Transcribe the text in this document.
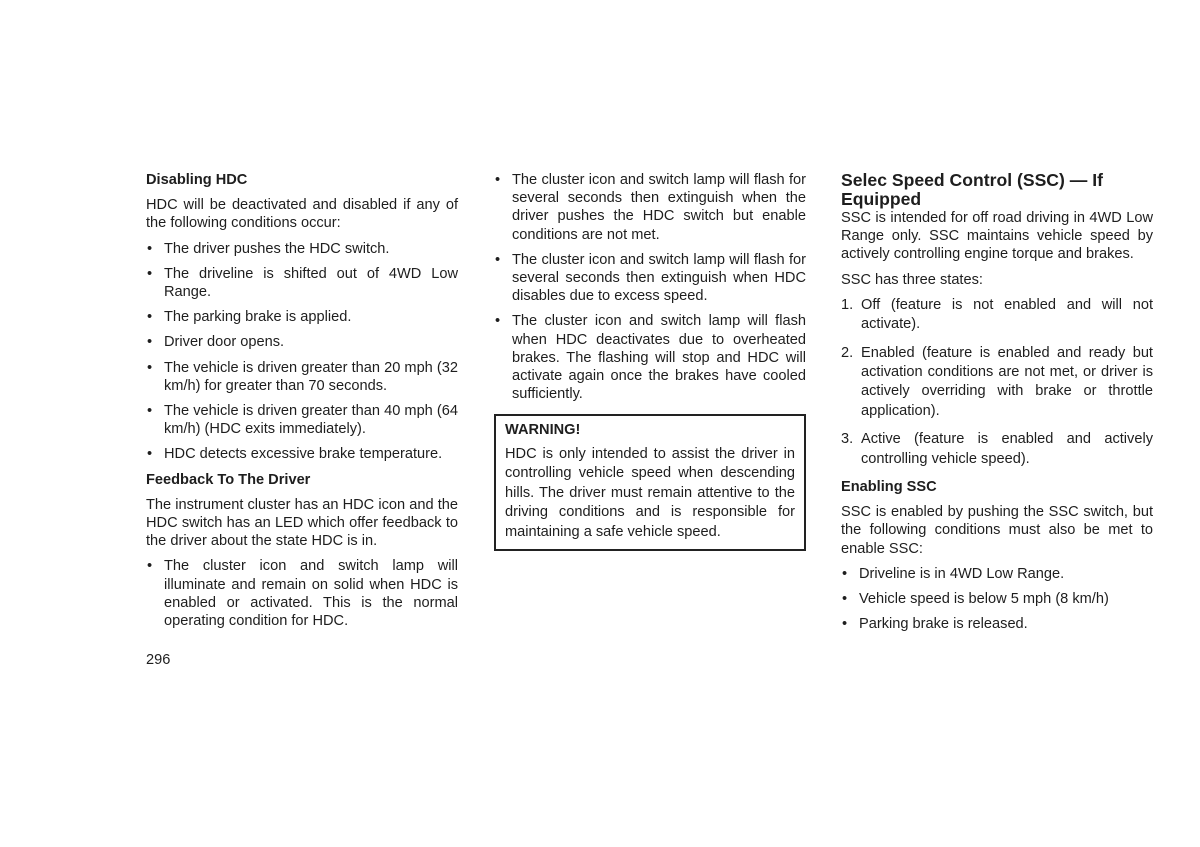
Disabling HDC

HDC will be deactivated and disabled if any of the following conditions occur:

• The driver pushes the HDC switch.
• The driveline is shifted out of 4WD Low Range.
• The parking brake is applied.
• Driver door opens.
• The vehicle is driven greater than 20 mph (32 km/h) for greater than 70 seconds.
• The vehicle is driven greater than 40 mph (64 km/h) (HDC exits immediately).
• HDC detects excessive brake temperature.
Feedback To The Driver

The instrument cluster has an HDC icon and the HDC switch has an LED which offer feedback to the driver about the state HDC is in.

• The cluster icon and switch lamp will illuminate and remain on solid when HDC is enabled or activated. This is the normal operating condition for HDC.
• The cluster icon and switch lamp will flash for several seconds then extinguish when the driver pushes the HDC switch but enable conditions are not met.
• The cluster icon and switch lamp will flash for several seconds then extinguish when HDC disables due to excess speed.
• The cluster icon and switch lamp will flash when HDC deactivates due to overheated brakes. The flashing will stop and HDC will activate again once the brakes have cooled sufficiently.
WARNING!

HDC is only intended to assist the driver in controlling vehicle speed when descending hills. The driver must remain attentive to the driving conditions and is responsible for maintaining a safe vehicle speed.

Selec Speed Control (SSC) — If Equipped

SSC is intended for off road driving in 4WD Low Range only. SSC maintains vehicle speed by actively controlling engine torque and brakes.

SSC has three states:

1. Off (feature is not enabled and will not activate).
2. Enabled (feature is enabled and ready but activation conditions are not met, or driver is actively overriding with brake or throttle application).
3. Active (feature is enabled and actively controlling vehicle speed).
Enabling SSC

SSC is enabled by pushing the SSC switch, but the following conditions must also be met to enable SSC:

• Driveline is in 4WD Low Range.
• Vehicle speed is below 5 mph (8 km/h)
• Parking brake is released.
296
